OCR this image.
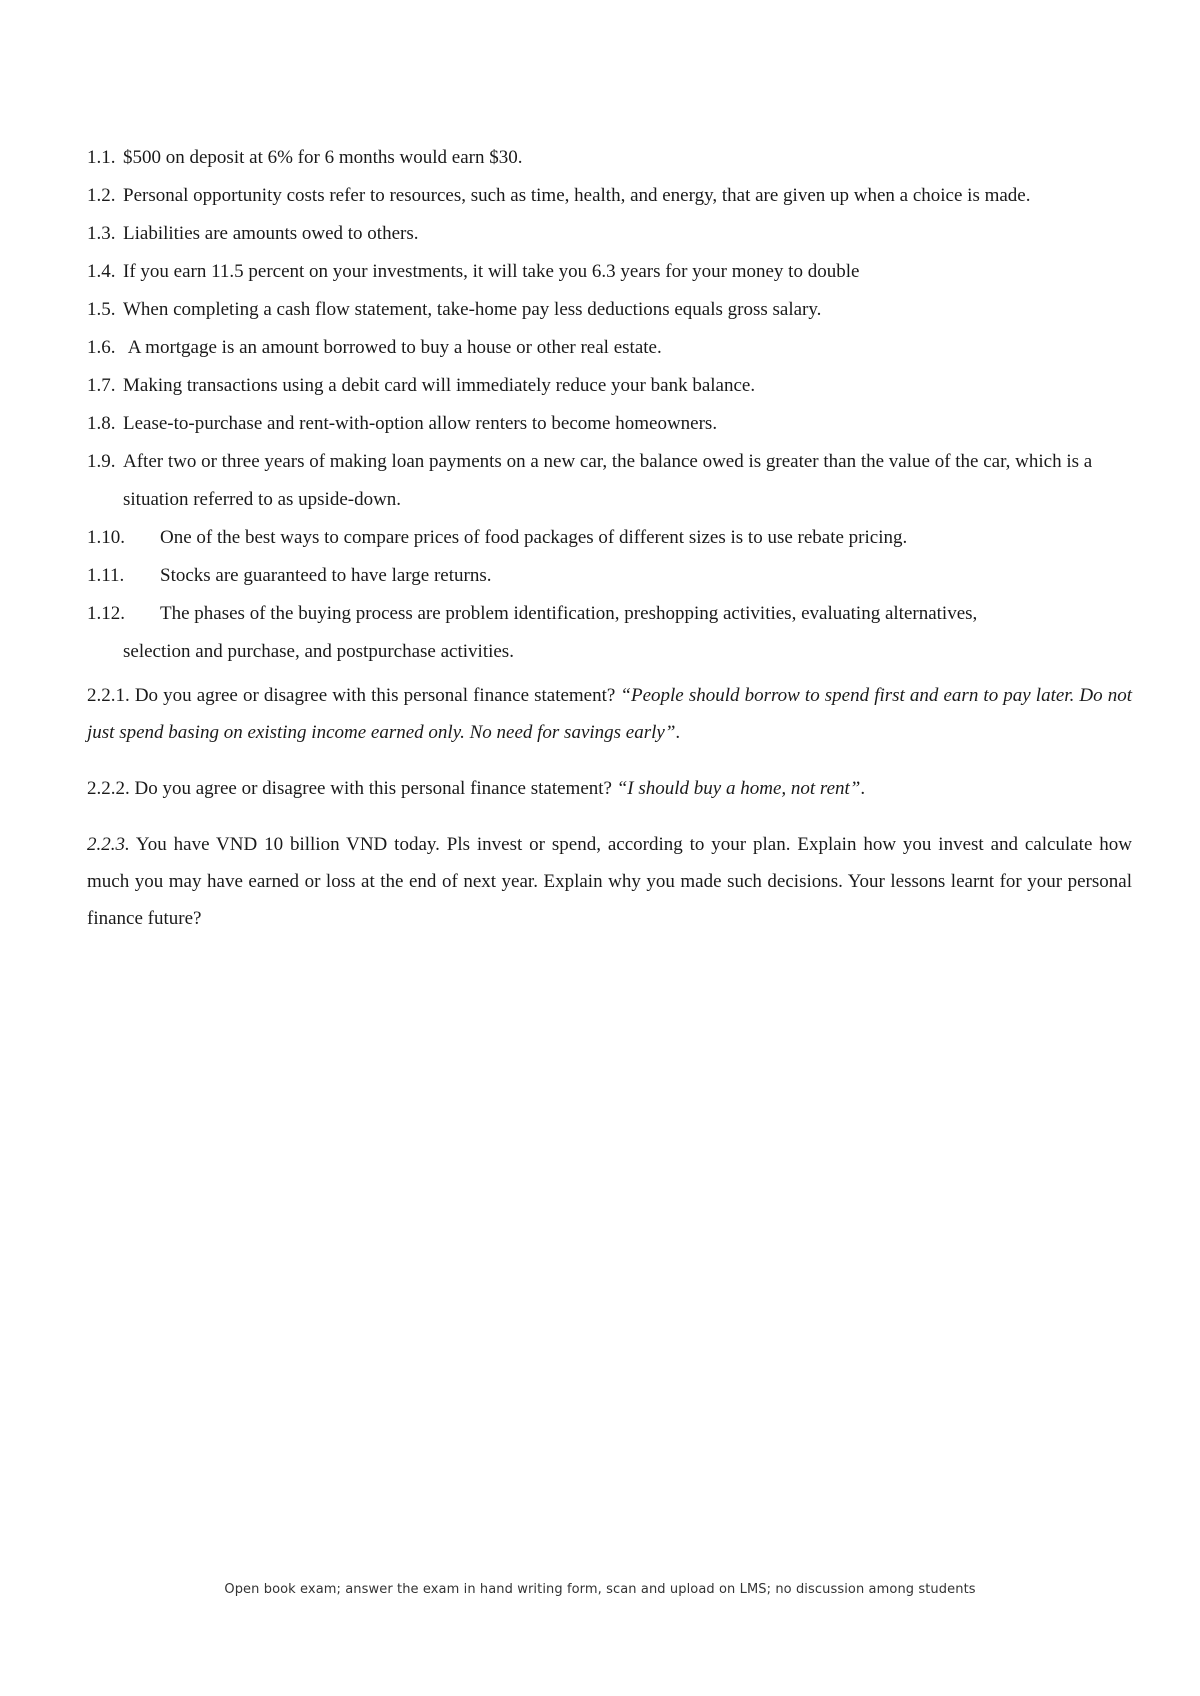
1.1. $500 on deposit at 6% for 6 months would earn $30.
1.2. Personal opportunity costs refer to resources, such as time, health, and energy, that are given up when a choice is made.
1.3. Liabilities are amounts owed to others.
1.4. If you earn 11.5 percent on your investments, it will take you 6.3 years for your money to double
1.5. When completing a cash flow statement, take-home pay less deductions equals gross salary.
1.6. A mortgage is an amount borrowed to buy a house or other real estate.
1.7. Making transactions using a debit card will immediately reduce your bank balance.
1.8. Lease-to-purchase and rent-with-option allow renters to become homeowners.
1.9. After two or three years of making loan payments on a new car, the balance owed is greater than the value of the car, which is a situation referred to as upside-down.
1.10. One of the best ways to compare prices of food packages of different sizes is to use rebate pricing.
1.11. Stocks are guaranteed to have large returns.
1.12. The phases of the buying process are problem identification, preshopping activities, evaluating alternatives,
selection and purchase, and postpurchase activities.

2.2.1. Do you agree or disagree with this personal finance statement? “People should borrow to spend first and earn to pay later. Do not just spend basing on existing income earned only. No need for savings early”.

2.2.2. Do you agree or disagree with this personal finance statement? “I should buy a home, not rent”.

2.2.3. You have VND 10 billion VND today. Pls invest or spend, according to your plan. Explain how you invest and calculate how much you may have earned or loss at the end of next year. Explain why you made such decisions. Your lessons learnt for your personal finance future?

Open book exam; answer the exam in hand writing form, scan and upload on LMS; no discussion among students
